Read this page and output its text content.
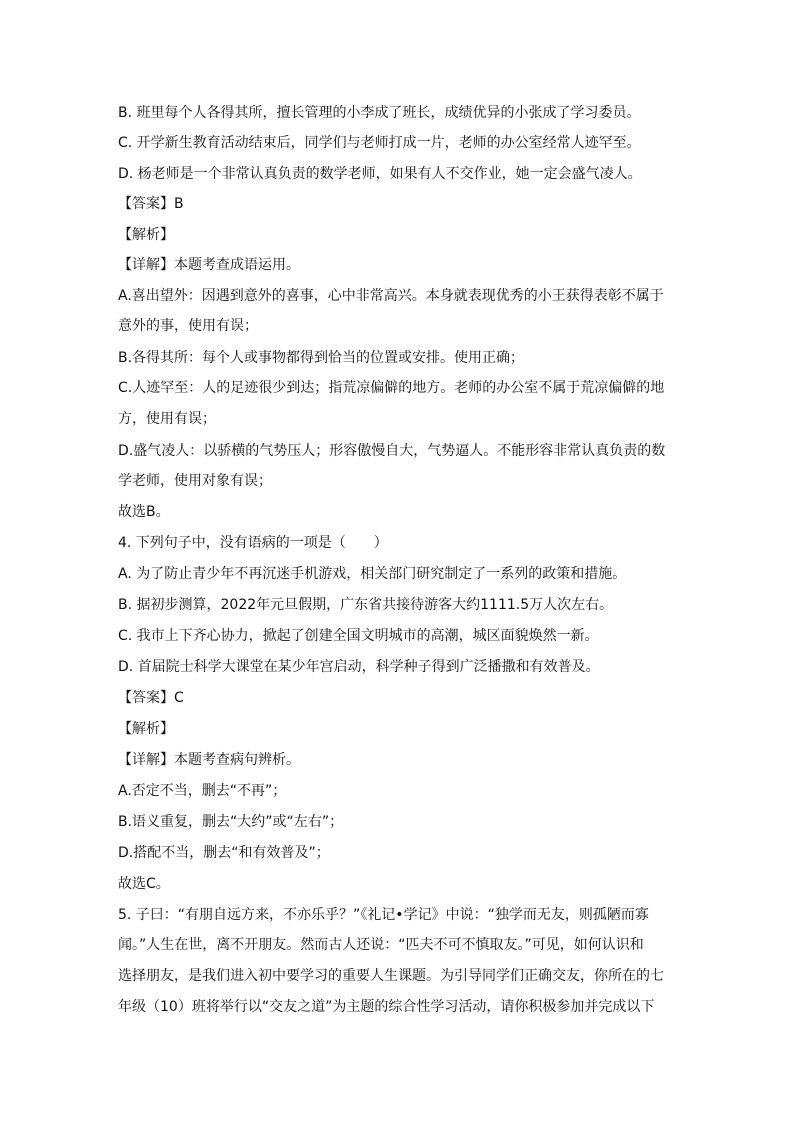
B. 班里每个人各得其所，擅长管理的小李成了班长，成绩优异的小张成了学习委员。
C. 开学新生教育活动结束后，同学们与老师打成一片，老师的办公室经常人迹罕至。
D. 杨老师是一个非常认真负责的数学老师，如果有人不交作业，她一定会盛气凌人。
【答案】B
【解析】
【详解】本题考查成语运用。
A.喜出望外：因遇到意外的喜事，心中非常高兴。本身就表现优秀的小王获得表彰不属于
意外的事，使用有误；
B.各得其所：每个人或事物都得到恰当的位置或安排。使用正确；
C.人迹罕至：人的足迹很少到达；指荒凉偏僻的地方。老师的办公室不属于荒凉偏僻的地
方，使用有误；
D.盛气凌人：以骄横的气势压人；形容傲慢自大，气势逼人。不能形容非常认真负责的数
学老师，使用对象有误；
故选B。
4. 下列句子中，没有语病的一项是（　　）
A. 为了防止青少年不再沉迷手机游戏，相关部门研究制定了一系列的政策和措施。
B. 据初步测算，2022年元旦假期，广东省共接待游客大约1111.5万人次左右。
C. 我市上下齐心协力，掀起了创建全国文明城市的高潮，城区面貌焕然一新。
D. 首届院士科学大课堂在某少年宫启动，科学种子得到广泛播撒和有效普及。
【答案】C
【解析】
【详解】本题考查病句辨析。
A.否定不当，删去“不再”；
B.语义重复，删去“大约”或“左右”；
D.搭配不当，删去“和有效普及”；
故选C。
5. 子曰：“有朋自远方来，不亦乐乎？”《礼记•学记》中说：“独学而无友，则孤陋而寡
闻。”人生在世，离不开朋友。然而古人还说：“匹夫不可不慎取友。”可见，如何认识和
选择朋友，是我们进入初中要学习的重要人生课题。为引导同学们正确交友，你所在的七
年级（10）班将举行以“交友之道”为主题的综合性学习活动，请你积极参加并完成以下
